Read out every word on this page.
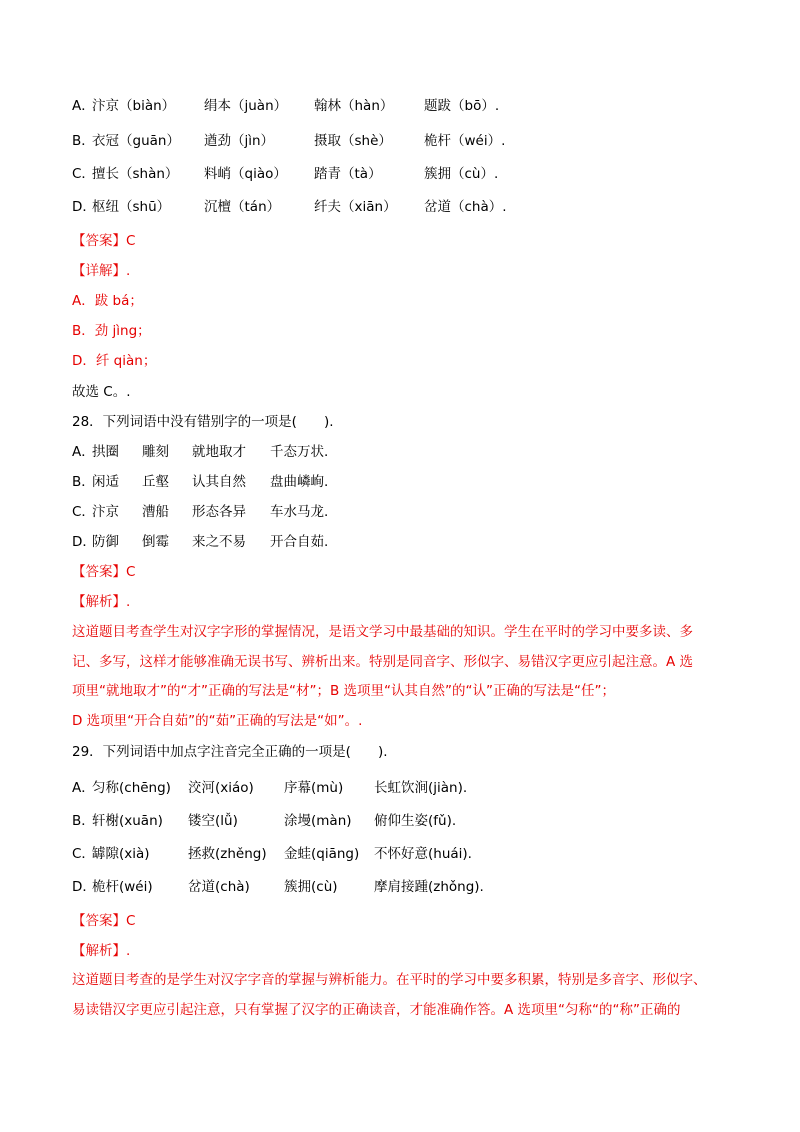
A．
汴京（biàn） 绢本（juàn） 翰林（hàn） 题跋（bō）.
B．
衣冠（guān） 遒劲（jìn）	摄取（shè） 桅杆（wéi）.
C．
擅长（shàn） 料峭（qiào） 踏青（tà）	簇拥（cù）.
D．
枢纽（shū）	沉檀（tán）	纤夫（xiān） 岔道（chà）.
【答案】C
【详解】.
A．跋 bá；
B．劲 jìng；
D．纤 qiàn；
故选 C。.
28．下列词语中没有错别字的一项是(　　).
A．
拱圈 雕刻 就地取才 千态万状.
B．
闲适 丘壑 认其自然 盘曲嶙峋.
C．
汴京 漕船 形态各异 车水马龙.
D．
防御 倒霉 来之不易 开合自茹.
【答案】C
【解析】.
这道题目考查学生对汉字字形的掌握情况，是语文学习中最基础的知识。学生在平时的学习中要多读、多
记、多写，这样才能够准确无误书写、辨析出来。特别是同音字、形似字、易错汉字更应引起注意。A 选
项里“就地取才”的“才”正确的写法是“材”；B 选项里“认其自然”的“认”正确的写法是“任”；
D 选项里“开合自茹”的“茹”正确的写法是“如”。.
29．下列词语中加点字注音完全正确的一项是(　　).
A．
匀称(chēng) 洨河(xiáo) 序幕(mù) 长虹饮涧(jiàn).
B．
轩榭(xuān) 镂空(lǚ)	涂墁(màn) 俯仰生姿(fǔ).
C．
罅隙(xià)	拯救(zhěng) 金蛙(qiāng) 不怀好意(huái).
D．
桅杆(wéi)	岔道(chà)	簇拥(cù)	摩肩接踵(zhǒng).
【答案】C
【解析】.
这道题目考查的是学生对汉字字音的掌握与辨析能力。在平时的学习中要多积累，特别是多音字、形似字、
易读错汉字更应引起注意，只有掌握了汉字的正确读音，才能准确作答。A 选项里“匀称“的“称”正确的
